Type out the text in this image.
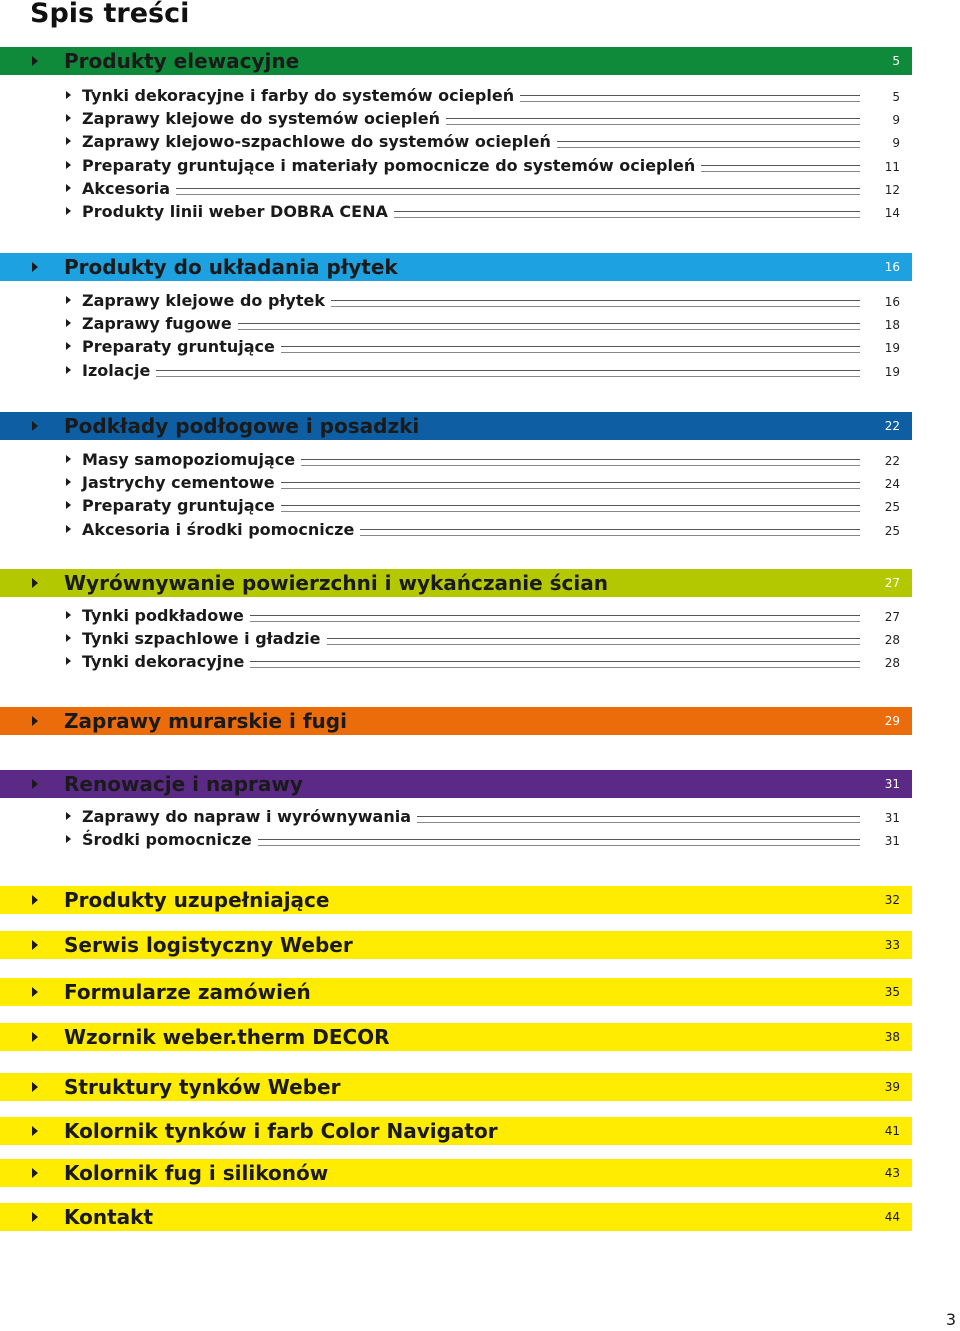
Spis treści
Produkty elewacyjne	5
Tynki dekoracyjne i farby do systemów ociepleń	5
Zaprawy klejowe do systemów ociepleń	9
Zaprawy klejowo-szpachlowe do systemów ociepleń	9
Preparaty gruntujące i materiały pomocnicze do systemów ociepleń	11
Akcesoria	12
Produkty linii weber DOBRA CENA	14
Produkty do układania płytek	16
Zaprawy klejowe do płytek	16
Zaprawy fugowe	18
Preparaty gruntujące	19
Izolacje	19
Podkłady podłogowe i posadzki	22
Masy samopoziomujące	22
Jastrychy cementowe	24
Preparaty gruntujące	25
Akcesoria i środki pomocnicze	25
Wyrównywanie powierzchni i wykańczanie ścian	27
Tynki podkładowe	27
Tynki szpachlowe i gładzie	28
Tynki dekoracyjne	28
Zaprawy murarskie i fugi	29
Renowacje i naprawy	31
Zaprawy do napraw i wyrównywania	31
Środki pomocnicze	31
Produkty uzupełniające	32
Serwis logistyczny Weber	33
Formularze zamówień	35
Wzornik weber.therm DECOR	38
Struktury tynków Weber	39
Kolornik tynków i farb Color Navigator	41
Kolornik fug i silikonów	43
Kontakt	44
3
